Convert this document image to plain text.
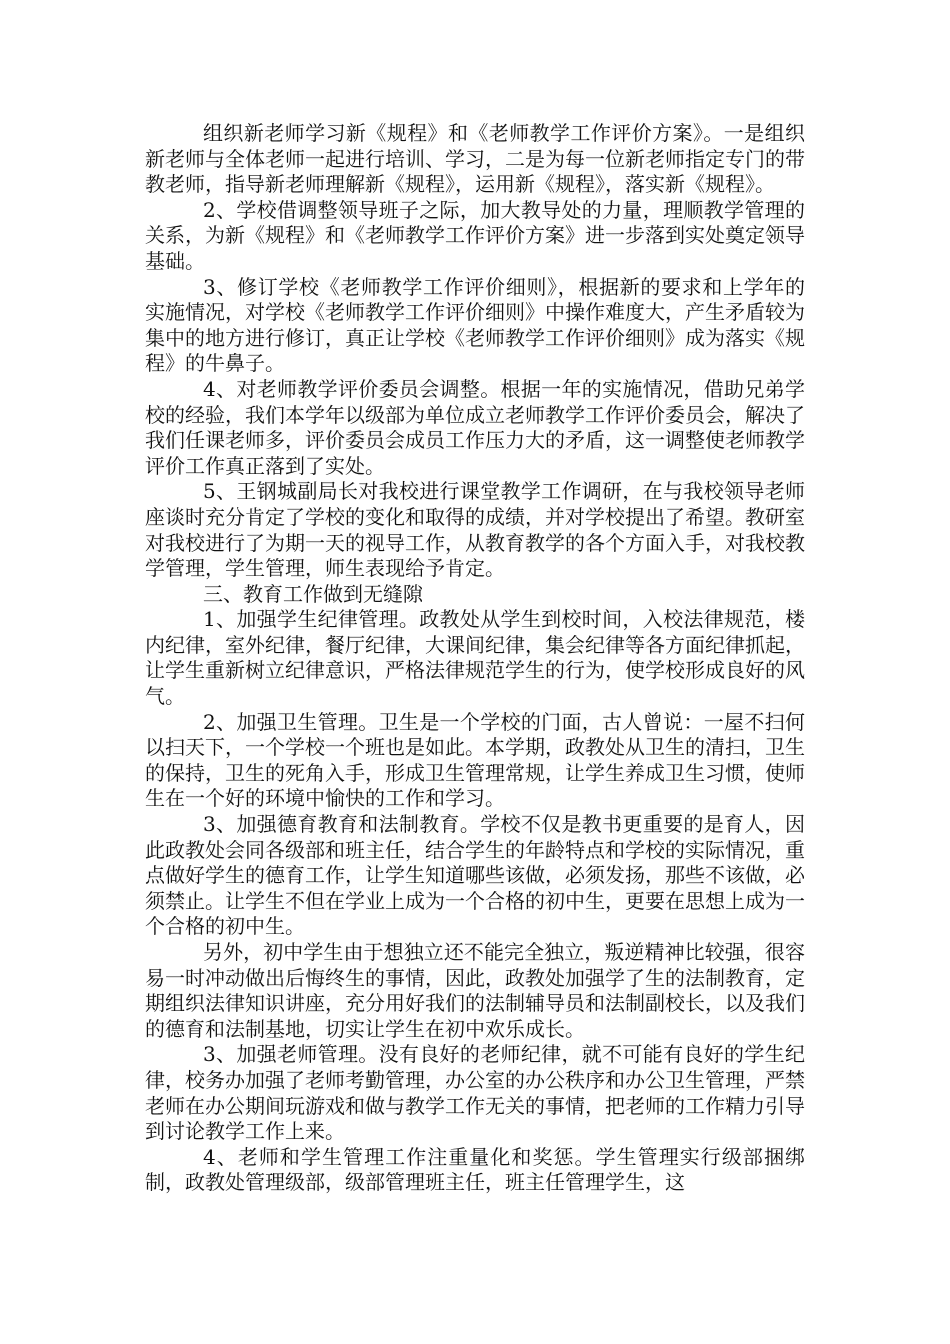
组织新老师学习新《规程》和《老师教学工作评价方案》。一是组织新老师与全体老师一起进行培训、学习，二是为每一位新老师指定专门的带教老师，指导新老师理解新《规程》，运用新《规程》，落实新《规程》。

2、学校借调整领导班子之际，加大教导处的力量，理顺教学管理的关系，为新《规程》和《老师教学工作评价方案》进一步落到实处奠定领导基础。

3、修订学校《老师教学工作评价细则》，根据新的要求和上学年的实施情况，对学校《老师教学工作评价细则》中操作难度大，产生矛盾较为集中的地方进行修订，真正让学校《老师教学工作评价细则》成为落实《规程》的牛鼻子。

4、对老师教学评价委员会调整。根据一年的实施情况，借助兄弟学校的经验，我们本学年以级部为单位成立老师教学工作评价委员会，解决了我们任课老师多，评价委员会成员工作压力大的矛盾，这一调整使老师教学评价工作真正落到了实处。

5、王钢城副局长对我校进行课堂教学工作调研，在与我校领导老师座谈时充分肯定了学校的变化和取得的成绩，并对学校提出了希望。教研室对我校进行了为期一天的视导工作，从教育教学的各个方面入手，对我校教学管理，学生管理，师生表现给予肯定。

三、教育工作做到无缝隙

1、加强学生纪律管理。政教处从学生到校时间，入校法律规范，楼内纪律，室外纪律，餐厅纪律，大课间纪律，集会纪律等各方面纪律抓起，让学生重新树立纪律意识，严格法律规范学生的行为，使学校形成良好的风气。

2、加强卫生管理。卫生是一个学校的门面，古人曾说：一屋不扫何以扫天下，一个学校一个班也是如此。本学期，政教处从卫生的清扫，卫生的保持，卫生的死角入手，形成卫生管理常规，让学生养成卫生习惯，使师生在一个好的环境中愉快的工作和学习。

3、加强德育教育和法制教育。学校不仅是教书更重要的是育人，因此政教处会同各级部和班主任，结合学生的年龄特点和学校的实际情况，重点做好学生的德育工作，让学生知道哪些该做，必须发扬，那些不该做，必须禁止。让学生不但在学业上成为一个合格的初中生，更要在思想上成为一个合格的初中生。

另外，初中学生由于想独立还不能完全独立，叛逆精神比较强，很容易一时冲动做出后悔终生的事情，因此，政教处加强学了生的法制教育，定期组织法律知识讲座，充分用好我们的法制辅导员和法制副校长，以及我们的德育和法制基地，切实让学生在初中欢乐成长。

3、加强老师管理。没有良好的老师纪律，就不可能有良好的学生纪律，校务办加强了老师考勤管理，办公室的办公秩序和办公卫生管理，严禁老师在办公期间玩游戏和做与教学工作无关的事情，把老师的工作精力引导到讨论教学工作上来。

4、老师和学生管理工作注重量化和奖惩。学生管理实行级部捆绑制，政教处管理级部，级部管理班主任，班主任管理学生，这
